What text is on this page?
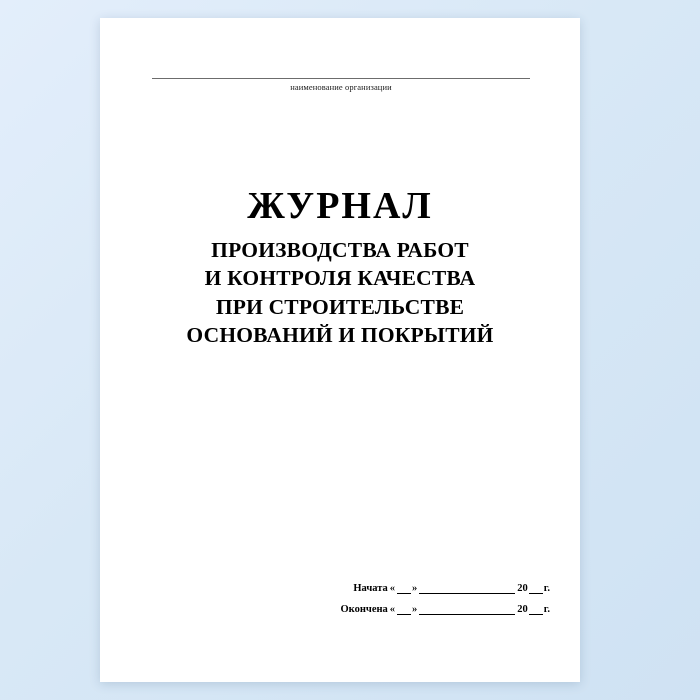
наименование организации
ЖУРНАЛ
ПРОИЗВОДСТВА РАБОТ
И КОНТРОЛЯ КАЧЕСТВА
ПРИ СТРОИТЕЛЬСТВЕ
ОСНОВАНИЙ И ПОКРЫТИЙ
Начата « »	20 г.
Окончена « »	20 г.
